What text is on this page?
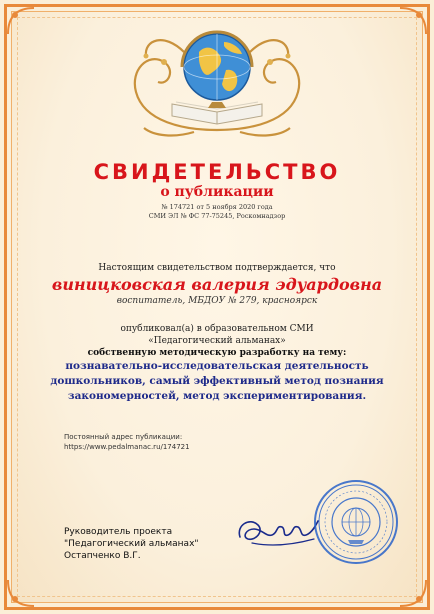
СВИДЕТЕЛЬСТВО
о публикации
№ 174721 от 5 ноября 2020 года
СМИ ЭЛ № ФС 77-75245, Роскомнадзор
Настоящим свидетельством подтверждается, что
виницковская валерия эдуардовна
воспитатель, МБДОУ № 279, красноярск
опубликовал(а) в образовательном СМИ
«Педагогический альманах»
собственную методическую разработку на тему:
познавательно-исследовательская деятельность
дошкольников, самый эффективный метод познания
закономерностей, метод экспериментирования.
Постоянный адрес публикации:
https://www.pedalmanac.ru/174721
Руководитель проекта
"Педагогический альманах"
Остапченко В.Г.
